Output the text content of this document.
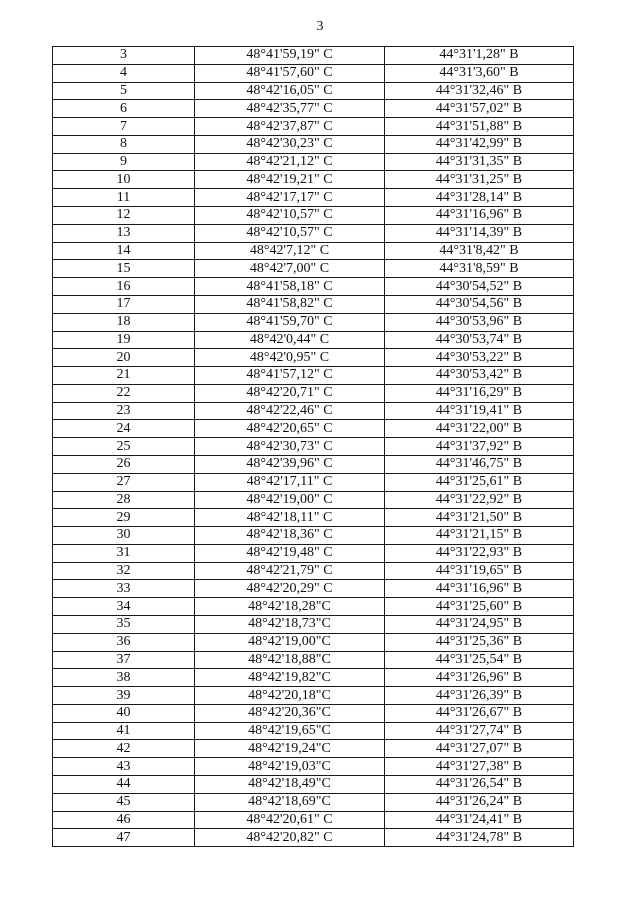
3
3	48°41'59,19" С	44°31'1,28" В
4	48°41'57,60" С	44°31'3,60" В
5	48°42'16,05" С	44°31'32,46" В
6	48°42'35,77" С	44°31'57,02" В
7	48°42'37,87" С	44°31'51,88" В
8	48°42'30,23" С	44°31'42,99" В
9	48°42'21,12" С	44°31'31,35" В
10	48°42'19,21" С	44°31'31,25" В
11	48°42'17,17" С	44°31'28,14" В
12	48°42'10,57" С	44°31'16,96" В
13	48°42'10,57" С	44°31'14,39" В
14	48°42'7,12" С	44°31'8,42" В
15	48°42'7,00" С	44°31'8,59" В
16	48°41'58,18" С	44°30'54,52" В
17	48°41'58,82" С	44°30'54,56" В
18	48°41'59,70" С	44°30'53,96" В
19	48°42'0,44" С	44°30'53,74" В
20	48°42'0,95" С	44°30'53,22" В
21	48°41'57,12" С	44°30'53,42" В
22	48°42'20,71" С	44°31'16,29" В
23	48°42'22,46" С	44°31'19,41" В
24	48°42'20,65" С	44°31'22,00" В
25	48°42'30,73" С	44°31'37,92" В
26	48°42'39,96" С	44°31'46,75" В
27	48°42'17,11" С	44°31'25,61" В
28	48°42'19,00" С	44°31'22,92" В
29	48°42'18,11" С	44°31'21,50" В
30	48°42'18,36" С	44°31'21,15" В
31	48°42'19,48" С	44°31'22,93" В
32	48°42'21,79" С	44°31'19,65" В
33	48°42'20,29" С	44°31'16,96" В
34	48°42'18,28"С	44°31'25,60" В
35	48°42'18,73"С	44°31'24,95" В
36	48°42'19,00"С	44°31'25,36" В
37	48°42'18,88"С	44°31'25,54" В
38	48°42'19,82"С	44°31'26,96" В
39	48°42'20,18"С	44°31'26,39" В
40	48°42'20,36"С	44°31'26,67" В
41	48°42'19,65"С	44°31'27,74" В
42	48°42'19,24"С	44°31'27,07" В
43	48°42'19,03"С	44°31'27,38" В
44	48°42'18,49"С	44°31'26,54" В
45	48°42'18,69"С	44°31'26,24" В
46	48°42'20,61" С	44°31'24,41" В
47	48°42'20,82" С	44°31'24,78" В
